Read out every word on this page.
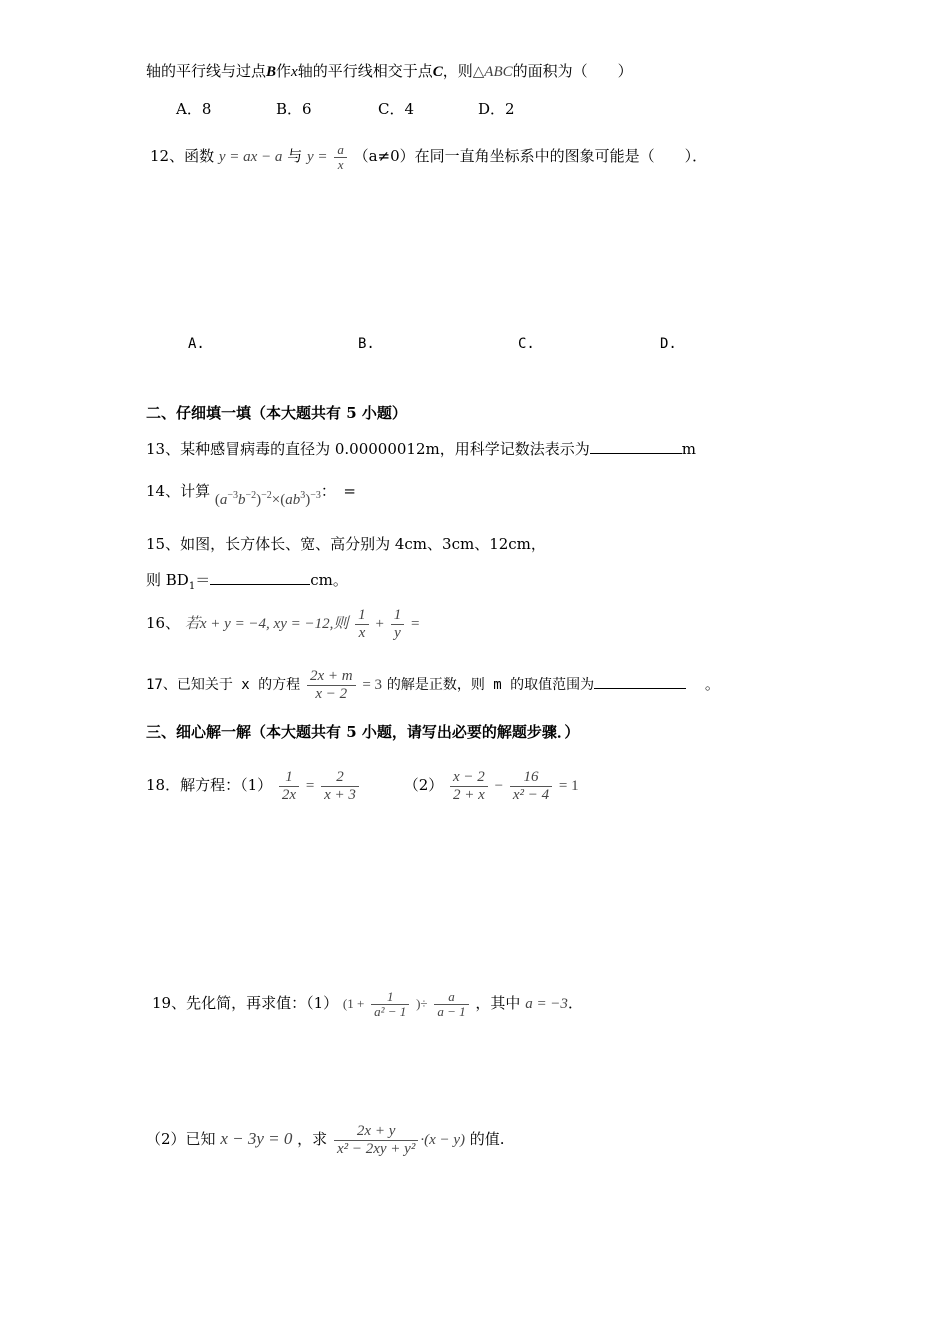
轴的平行线与过点B作x轴的平行线相交于点C，则△ABC的面积为（　　）
A．8	B．6	C．4	D．2
12、函数 y = ax − a 与 $y = \frac{a}{x} (a\ne 0)$在同一直角坐标系中的图象可能是（　　）．
A.	B.	C.	D.
二、仔细填一填（本大题共有 5 小题）
13、某种感冒病毒的直径为 0.00000012m，用科学记数法表示为	m
14、计算 $(a^{-3}b^{-2})^{-2}\times(ab^3)^{-3}$：　=
15、如图，长方体长、宽、高分别为 4cm、3cm、12cm，
则 $BD_1=$	cm。
16、 若x + y = −4, xy = −12,则 $\frac{1}{x} + \frac{1}{y}$ =
17、已知关于 x 的方程 $\frac{2x + m}{x - 2} = 3$ 的解是正数，则 m 的取值范围为	。
三、细心解一解（本大题共有 5 小题，请写出必要的解题步骤．）
18．解方程：$(1) \frac{1}{2x} = \frac{2}{x + 3}$	$(2) \frac{x - 2}{2 + x} - \frac{16}{\text{x² − 4}} = 1$
19、先化简，再求值：（1） ($1 + \frac{1}{\text{a² − 1}}$ )÷ $\frac{a}{a - 1}$ ，其中 a = −3．
（2）已知 x − 3y = 0 ，求 $\frac{2x + y}{\text{x² − 2xy + y²}} \cdot(x - y)$ 的值.
